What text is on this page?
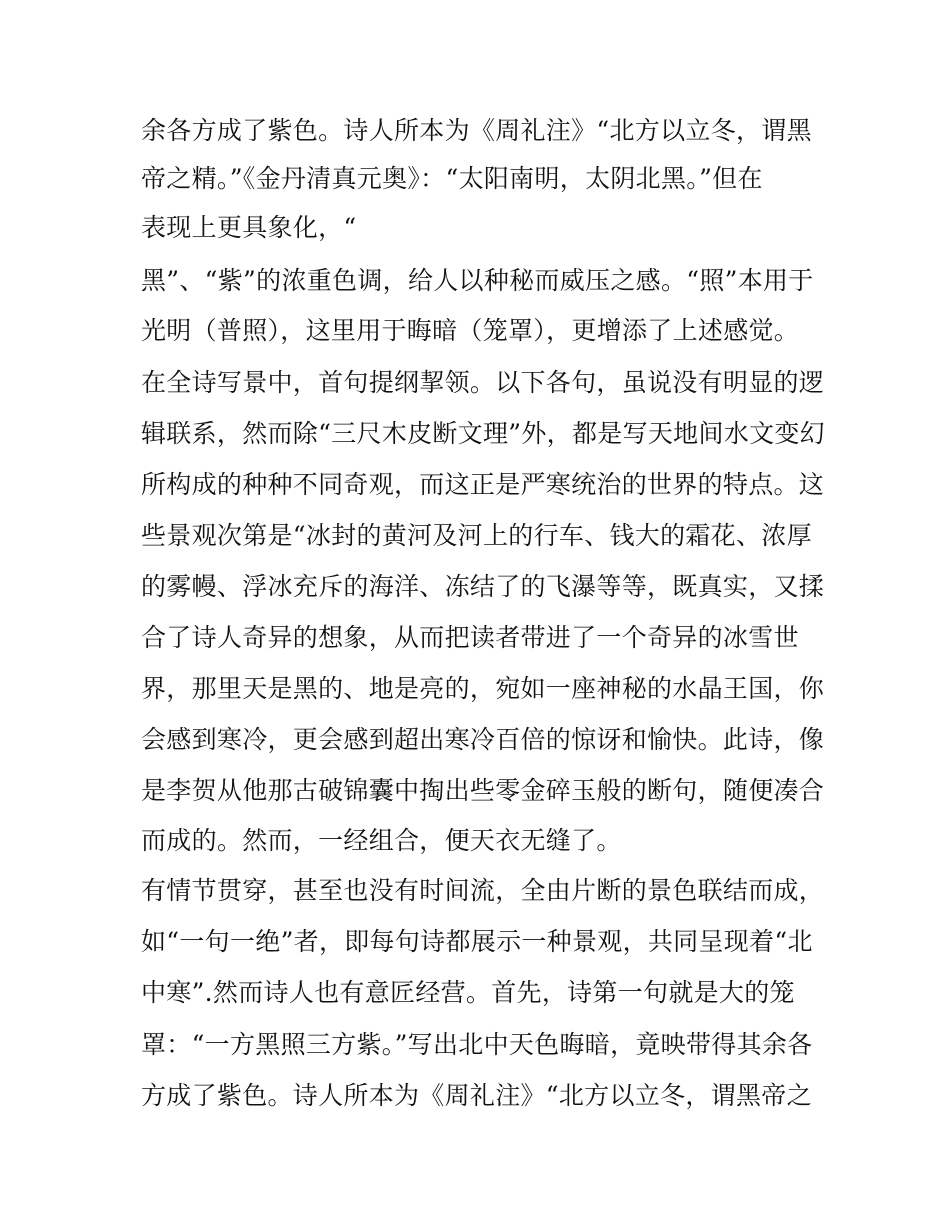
余各方成了紫色。诗人所本为《周礼注》“北方以立冬，谓黑
帝之精。”《金丹清真元奥》：“太阳南明，太阴北黑。”但在
表现上更具象化，“
黑”、“紫”的浓重色调，给人以种秘而威压之感。“照”本用于
光明（普照），这里用于晦暗（笼罩），更增添了上述感觉。
在全诗写景中，首句提纲挈领。以下各句，虽说没有明显的逻
辑联系，然而除“三尺木皮断文理”外，都是写天地间水文变幻
所构成的种种不同奇观，而这正是严寒统治的世界的特点。这
些景观次第是“冰封的黄河及河上的行车、钱大的霜花、浓厚
的雾幔、浮冰充斥的海洋、冻结了的飞瀑等等，既真实，又揉
合了诗人奇异的想象，从而把读者带进了一个奇异的冰雪世
界，那里天是黑的、地是亮的，宛如一座神秘的水晶王国，你
会感到寒冷，更会感到超出寒冷百倍的惊讶和愉快。此诗，像
是李贺从他那古破锦囊中掏出些零金碎玉般的断句，随便凑合
而成的。然而，一经组合，便天衣无缝了。
有情节贯穿，甚至也没有时间流，全由片断的景色联结而成，
如“一句一绝”者，即每句诗都展示一种景观，共同呈现着“北
中寒”.然而诗人也有意匠经营。首先，诗第一句就是大的笼
罩：“一方黑照三方紫。”写出北中天色晦暗，竟映带得其余各
方成了紫色。诗人所本为《周礼注》“北方以立冬，谓黑帝之
